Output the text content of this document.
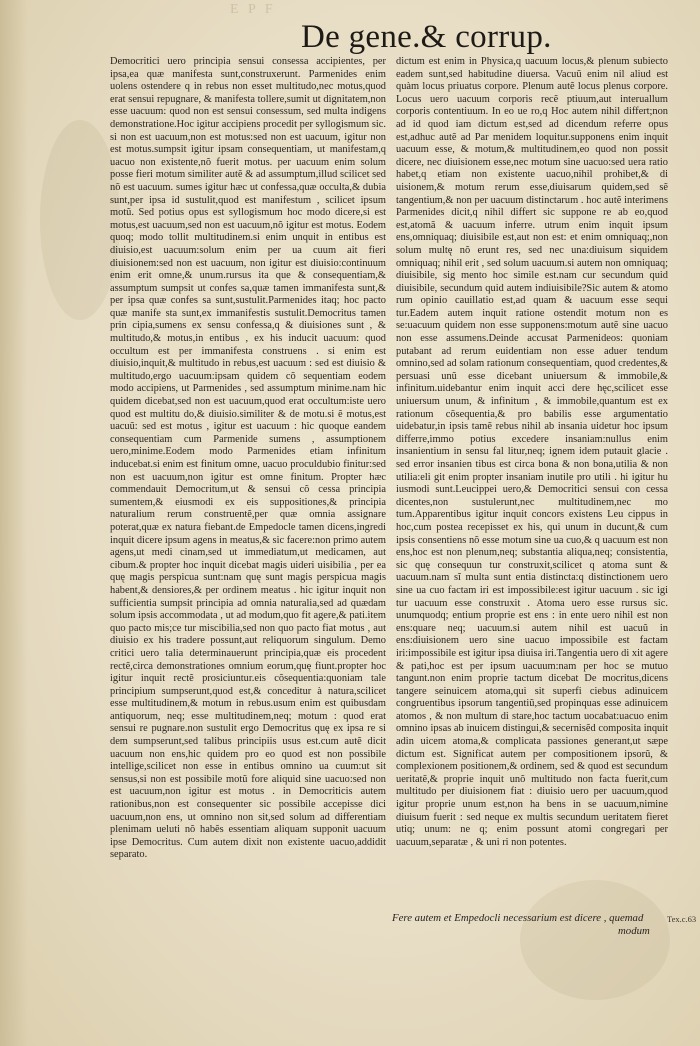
E P F
De gene.& corrup.

Democritici uero principia sensui consessa accipientes, per ipsa,ea quæ manifesta sunt,construxerunt. Parmenides enim uolens ostendere q in rebus non esset multitudo,nec motus,quod erat sensui repugnare, & manifesta tollere,sumit ut dignitatem,non esse uacuum: quod non est sensui consessum, sed multa indigens demonstratione.Hoc igitur accipiens procedit per syllogismum sic. si non est uacuum,non est motus:sed non est uacuum, igitur non est motus.sumpsit igitur ipsam consequentiam, ut manifestam,q uacuo non existente,nõ fuerit motus. per uacuum enim solum posse fieri motum similiter autẽ & ad assumptum,illud scilicet sed nõ est uacuum. sumes igitur hæc ut confessa,quæ occulta,& dubia sunt,per ipsa id sustulit,quod est manifestum , scilicet ipsum motũ. Sed potius opus est syllogismum hoc modo dicere,si est motus,est uacuum,sed non est uacuum,nõ igitur est motus. Eodem quoq; modo tollit multitudinem.si enim unquit in entibus est diuisio,est uacuum:solum enim per ua cuum ait fieri diuisionem:sed non est uacuum, non igitur est diuisio:continuum enim erit omne,& unum.rursus ita que & consequentiam,& assumptum sumpsit ut confes sa,quæ tamen immanifesta sunt,& per ipsa quæ confes sa sunt,sustulit.Parmenides itaq; hoc pacto quæ manife sta sunt,ex immanifestis sustulit.Democritus tamen prin cipia,sumens ex sensu confessa,q & diuisiones sunt , & multitudo,& motus,in entibus , ex his inducit uacuum: quod occultum est per immanifesta construens . si enim est diuisio,inquit,& multitudo in rebus,est uacuum : sed est diuisio & multitudo,ergo uacuum:ipsam quidem cõ sequentiam eodem modo accipiens, ut Parmenides , sed assumptum minime.nam hic quidem dicebat,sed non est uacuum,quod erat occultum:iste uero quod est multitu do,& diuisio.similiter & de motu.si ẽ motus,est uacuũ: sed est motus , igitur est uacuum : hic quoque eandem consequentiam cum Parmenide sumens , assumptionem uero,minime.Eodem modo Parmenides etiam infinitum inducebat.si enim est finitum omne, uacuo proculdubio finitur:sed non est uacuum,non igitur est omne finitum. Propter hæc commendauit Democritum,ut & sensui cõ cessa principia sumentem,& eiusmodi ex eis suppositiones,& principia naturalium rerum construentẽ,per quæ omnia assignare poterat,quæ ex natura fiebant.de Empedocle tamen dicens,ingredi inquit dicere ipsum agens in meatus,& sic facere:non primo autem agens,ut medi cinam,sed ut immediatum,ut medicamen, aut cibum.& propter hoc inquit dicebat magis uideri uisibilia , per ea quę magis perspicua sunt:nam quę sunt magis perspicua magis habent,& densiores,& per ordinem meatus . hic igitur inquit non sufficientia sumpsit principia ad omnia naturalia,sed ad quædam solum ipsis accommodata , ut ad modum,quo fit agere,& pati.item quo pacto mis;ce tur miscibilia,sed non quo pacto fiat motus , aut diuisio ex his tradere possunt,aut reliquorum singulum. Demo critici uero talia determinauerunt principia,quæ eis procedent rectẽ,circa demonstrationes omnium eorum,quę fiunt.propter hoc igitur inquit rectẽ prosiciuntur.eis cõsequentia:quoniam tale principium sumpserunt,quod est,& conceditur à natura,scilicet esse multitudinem,& motum in rebus.usum enim est quibusdam antiquorum, neq; esse multitudinem,neq; motum : quod erat sensui re pugnare.non sustulit ergo Democritus quę ex ipsa re si dem sumpserunt,sed talibus principiis usus est.cum autẽ dicit uacuum non ens,hic quidem pro eo quod est non possibile intellige,scilicet non esse in entibus omnino ua cuum:ut sit sensus,si non est possibile motũ fore aliquid sine uacuo:sed non est uacuum,non igitur est motus . in Democriticis autem rationibus,non est consequenter sic possibile accepisse dici uacuum,non ens, ut omnino non sit,sed solum ad differentiam plenimam ueluti nõ habẽs essentiam aliquam supponit uacuum ipse Democritus. Cum autem dixit non existente uacuo,addidit separato.

dictum est enim in Physica,q uacuum locus,& plenum subiecto eadem sunt,sed habitudine diuersa. Vacuũ enim nil aliud est quàm locus priuatus corpore. Plenum autẽ locus plenus corpore. Locus uero uacuum corporis recẽ ptiuum,aut interuallum corporis contentiuum. In eo ue ro,q Hoc autem nihil differt;non ad id quod iam dictum est,sed ad dicendum referre opus est,adhuc autẽ ad Par menidem loquitur.supponens enim inquit uacuum esse, & motum,& multitudinem,eo quod non possit dicere, nec diuisionem esse,nec motum sine uacuo:sed uera ratio habet,q etiam non existente uacuo,nihil prohibet,& di uisionem,& motum rerum esse,diuisarum quidem,sed sẽ tangentium,& non per uacuum distinctarum . hoc autẽ interimens Parmenides dicit,q nihil differt sic suppone re ab eo,quod est,atomã & uacuum inferre. utrum enim inquit ipsum ens,omniquaq; diuisibile est,aut non est: et enim omniquaq;,non solum multę nõ erunt res, sed nec una:diuisum siquidem omniquaq; nihil erit , sed solum uacuum.si autem non omniquaq; diuisibile, sig mento hoc simile est.nam cur secundum quid diuisibile, secundum quid autem indiuisibile?Sic autem & atomo rum opinio cauillatio est,ad quam & uacuum esse sequi tur.Eadem autem inquit ratione ostendit motum non es se:uacuum quidem non esse supponens:motum autẽ sine uacuo non esse assumens.Deinde accusat Parmenideos: quoniam putabant ad rerum euidentiam non esse aduer tendum omnino,sed ad solam rationum consequentiam, quod credentes,& persuasi unũ esse dicebant uniuersum & immobile,& infinitum.uidebantur enim inquit acci dere hęc,scilicet esse uniuersum unum, & infinitum , & immobile,quantum est ex rationum cõsequentia,& pro babilis esse argumentatio uidebatur,in ipsis tamẽ rebus nihil ab insania uidetur hoc ipsum differre,immo potius excedere insaniam:nullus enim insanientium in sensu fal litur,neq; ignem idem putauit glacie . sed error insanien tibus est circa bona & non bona,utilia & non utilia:eli git enim propter insaniam inutile pro utili . hi igitur hu iusmodi sunt.Leucippei uero,& Democritici sensui con cessa dicentes,non sustulerunt,nec multitudinem,nec mo tum.Apparentibus igitur inquit concors existens Leu cippus in hoc,cum postea recepisset ex his, qui unum in ducunt,& cum ipsis consentiens nõ esse motum sine ua cuo,& q uacuum est non ens,hoc est non plenum,neq; substantia aliqua,neq; consistentia, sic quę consequun tur construxit,scilicet q atoma sunt & uacuum.nam sĩ multa sunt entia distincta:q distinctionem uero sine ua cuo factam iri est impossibile:est igitur uacuum . sic igi tur uacuum esse construxit . Atoma uero esse rursus sic. unumquodq; entium proprie est ens : in ente uero nihil est non ens:quare neq; uacuum.si autem nihil est uacuũ in ens:diuisionem uero sine uacuo impossibile est factam iri:impossibile est igitur ipsa diuisa iri.Tangentia uero di xit agere & pati,hoc est per ipsum uacuum:nam per hoc se mutuo tangunt.non enim proprie tactum dicebat De mocritus,dicens tangere seinuicem atoma,qui sit superfi ciebus adinuicem congruentibus ipsorum tangentiũ,sed propinquas esse adinuicem atomos , & non multum di stare,hoc tactum uocabat:uacuo enim omnino ipsas ab inuicem distingui,& secernisẽd composita inquit adin uicem atoma,& complicata passiones generant,ut sæpe dictum est. Significat autem per compositionem ipsorũ, & complexionem positionem,& ordinem, sed & quod est secundum ueritatẽ,& proprie inquit unõ multitudo non facta fuerit,cum multitudo per diuisionem fiat : diuisio uero per uacuum,quod igitur proprie unum est,non ha bens in se uacuum,nimine diuisum fuerit : sed neque ex multis secundum ueritatem fieret utiq; unum: ne q; enim possunt atomi congregari per uacuum,separatæ , & uni ri non potentes.

Fere autem et Empedocli necessarium est dicere , quemad
modum
Tex.c.63
